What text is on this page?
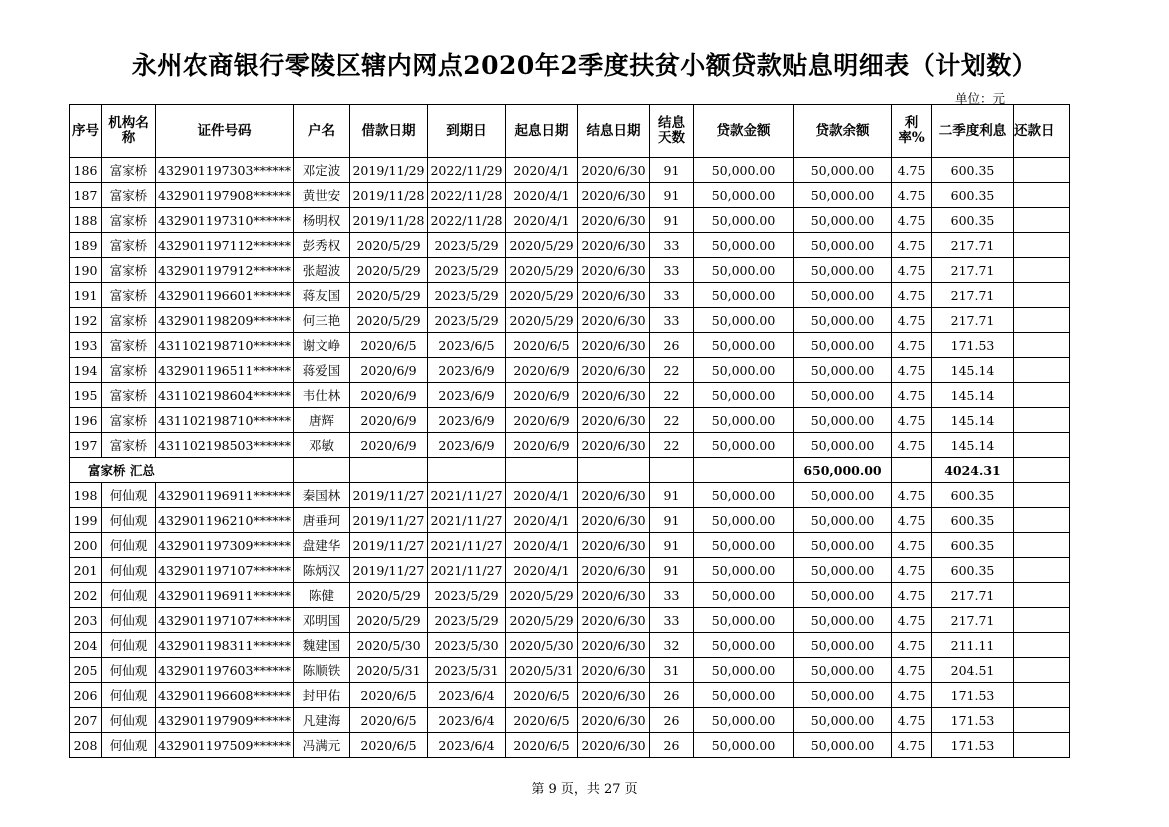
永州农商银行零陵区辖内网点2020年2季度扶贫小额贷款贴息明细表（计划数）
单位：元
序号	机构名称	证件号码	户名	借款日期	到期日	起息日期	结息日期	结息天数	贷款金额	贷款余额	利率%	二季度利息	还款日
186	富家桥	432901197303******	邓定波	2019/11/29	2022/11/29	2020/4/1	2020/6/30	91	50,000.00	50,000.00	4.75	600.35	
187	富家桥	432901197908******	黄世安	2019/11/28	2022/11/28	2020/4/1	2020/6/30	91	50,000.00	50,000.00	4.75	600.35	
188	富家桥	432901197310******	杨明权	2019/11/28	2022/11/28	2020/4/1	2020/6/30	91	50,000.00	50,000.00	4.75	600.35	
189	富家桥	432901197112******	彭秀权	2020/5/29	2023/5/29	2020/5/29	2020/6/30	33	50,000.00	50,000.00	4.75	217.71	
190	富家桥	432901197912******	张超波	2020/5/29	2023/5/29	2020/5/29	2020/6/30	33	50,000.00	50,000.00	4.75	217.71	
191	富家桥	432901196601******	蒋友国	2020/5/29	2023/5/29	2020/5/29	2020/6/30	33	50,000.00	50,000.00	4.75	217.71	
192	富家桥	432901198209******	何三艳	2020/5/29	2023/5/29	2020/5/29	2020/6/30	33	50,000.00	50,000.00	4.75	217.71	
193	富家桥	431102198710******	谢文峥	2020/6/5	2023/6/5	2020/6/5	2020/6/30	26	50,000.00	50,000.00	4.75	171.53	
194	富家桥	432901196511******	蒋爱国	2020/6/9	2023/6/9	2020/6/9	2020/6/30	22	50,000.00	50,000.00	4.75	145.14	
195	富家桥	431102198604******	韦仕林	2020/6/9	2023/6/9	2020/6/9	2020/6/30	22	50,000.00	50,000.00	4.75	145.14	
196	富家桥	431102198710******	唐辉	2020/6/9	2023/6/9	2020/6/9	2020/6/30	22	50,000.00	50,000.00	4.75	145.14	
197	富家桥	431102198503******	邓敏	2020/6/9	2023/6/9	2020/6/9	2020/6/30	22	50,000.00	50,000.00	4.75	145.14	
富家桥 汇总										650,000.00		4024.31	
198	何仙观	432901196911******	秦国林	2019/11/27	2021/11/27	2020/4/1	2020/6/30	91	50,000.00	50,000.00	4.75	600.35	
199	何仙观	432901196210******	唐垂珂	2019/11/27	2021/11/27	2020/4/1	2020/6/30	91	50,000.00	50,000.00	4.75	600.35	
200	何仙观	432901197309******	盘建华	2019/11/27	2021/11/27	2020/4/1	2020/6/30	91	50,000.00	50,000.00	4.75	600.35	
201	何仙观	432901197107******	陈炳汉	2019/11/27	2021/11/27	2020/4/1	2020/6/30	91	50,000.00	50,000.00	4.75	600.35	
202	何仙观	432901196911******	陈健	2020/5/29	2023/5/29	2020/5/29	2020/6/30	33	50,000.00	50,000.00	4.75	217.71	
203	何仙观	432901197107******	邓明国	2020/5/29	2023/5/29	2020/5/29	2020/6/30	33	50,000.00	50,000.00	4.75	217.71	
204	何仙观	432901198311******	魏建国	2020/5/30	2023/5/30	2020/5/30	2020/6/30	32	50,000.00	50,000.00	4.75	211.11	
205	何仙观	432901197603******	陈顺铁	2020/5/31	2023/5/31	2020/5/31	2020/6/30	31	50,000.00	50,000.00	4.75	204.51	
206	何仙观	432901196608******	封甲佑	2020/6/5	2023/6/4	2020/6/5	2020/6/30	26	50,000.00	50,000.00	4.75	171.53	
207	何仙观	432901197909******	凡建海	2020/6/5	2023/6/4	2020/6/5	2020/6/30	26	50,000.00	50,000.00	4.75	171.53	
208	何仙观	432901197509******	冯满元	2020/6/5	2023/6/4	2020/6/5	2020/6/30	26	50,000.00	50,000.00	4.75	171.53	
第 9 页，共 27 页
